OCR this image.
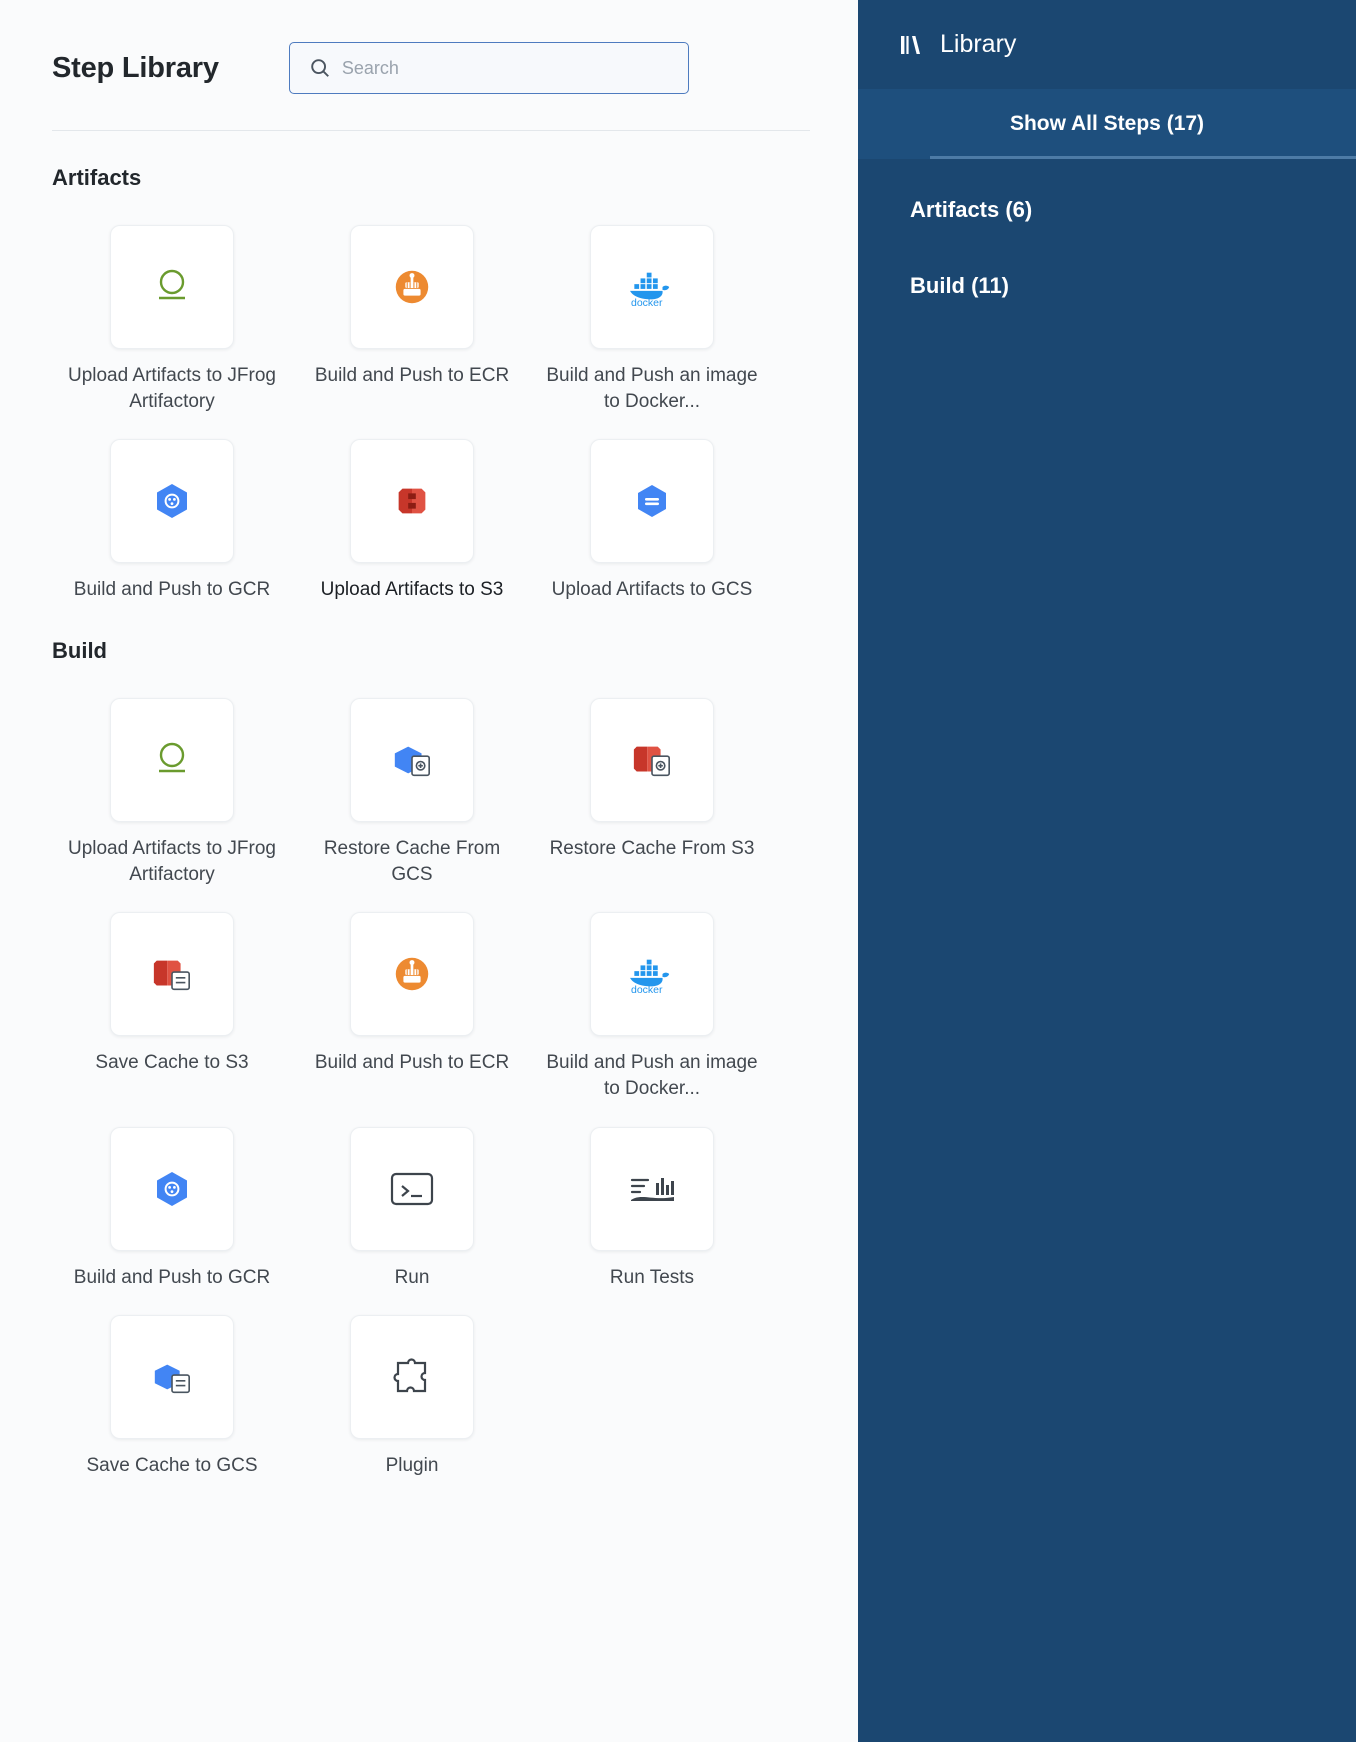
Step Library
Search
Artifacts
Upload Artifacts to JFrog Artifactory
Build and Push to ECR
docker
Build and Push an image to Docker...
Build and Push to GCR	Upload Artifacts to S3	Upload Artifacts to GCS
Build
Upload Artifacts to JFrog Artifactory
Restore Cache From GCS
Restore Cache From S3
Save Cache to S3	Build and Push to ECR
docker
Build and Push an image to Docker...
Build and Push to GCR	Run	Run Tests
Save Cache to GCS	Plugin
Library
Show All Steps (17)
Artifacts (6)
Build (11)
